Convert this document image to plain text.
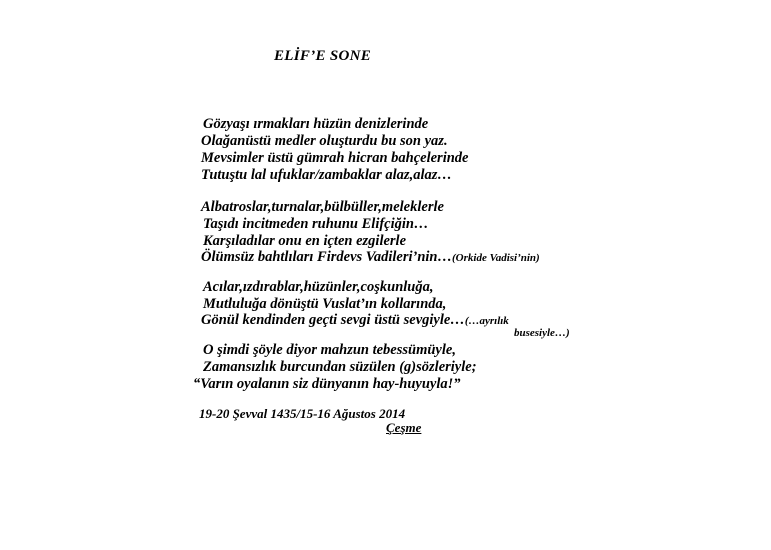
ELİF’E SONE
Gözyaşı ırmakları hüzün denizlerinde
Olağanüstü medler oluşturdu bu son yaz.
Mevsimler üstü gümrah hicran bahçelerinde
Tutuştu lal ufuklar/zambaklar alaz,alaz…
Albatroslar,turnalar,bülbüller,meleklerle
Taşıdı incitmeden ruhunu Elifçiğin…
Karşıladılar onu en içten ezgilerle
Ölümsüz bahtlıları Firdevs Vadileri’nin…(Orkide Vadisi’nin)
Acılar,ızdırablar,hüzünler,coşkunluğa,
Mutluluğa dönüştü Vuslat’ın kollarında,
Gönül kendinden geçti sevgi üstü sevgiyle…(…ayrılık
busesiyle…)
O şimdi şöyle diyor mahzun tebessümüyle,
Zamansızlık burcundan süzülen (g)sözleriyle;
“Varın oyalanın siz dünyanın hay-huyuyla!”
19-20 Şevval 1435/15-16 Ağustos 2014
Çeşme
